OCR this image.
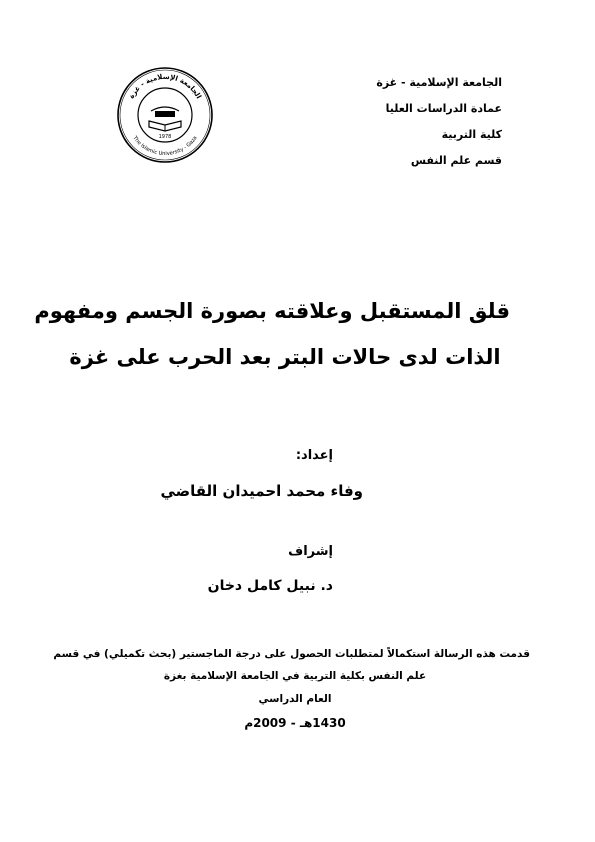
الجامعة الإسلامية - غزة
عمادة الدراسات العليا
كلية التربية
قسم علم النفس
الجامعة الإسلامية - غزة
The Islamic University - Gaza
1978
قلق المستقبل وعلاقته بصورة الجسم ومفهوم
الذات لدى حالات البتر بعد الحرب على غزة
إعداد:
وفاء محمد احميدان القاضي
إشراف
د. نبيل كامل دخان
قدمت هذه الرسالة استكمالاً لمتطلبات الحصول على درجة الماجستير (بحث تكميلي) في قسم
علم النفس بكلية التربية في الجامعة الإسلامية بغزة
العام الدراسي
1430هـ - 2009م
